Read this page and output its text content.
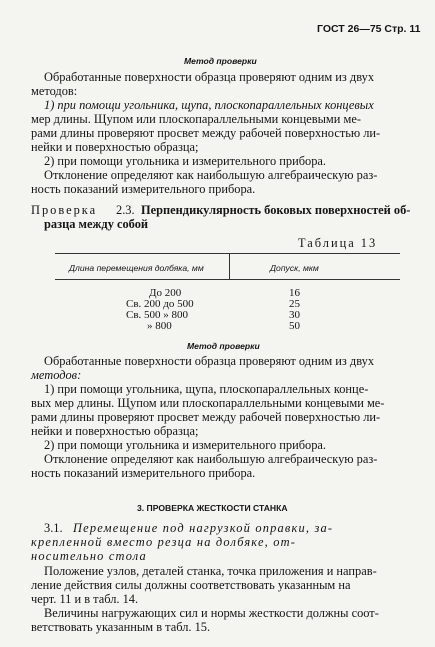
ГОСТ 26—75 Стр. 11
Метод проверки
Обработанные поверхности образца проверяют одним из двух
методов:
1) при помощи угольника, щупа, плоскопараллельных концевых
мер длины. Щупом или плоскопараллельными концевыми ме-
рами длины проверяют просвет между рабочей поверхностью ли-
нейки и поверхностью образца;
2) при помощи угольника и измерительного прибора.
Отклонение определяют как наибольшую алгебраическую раз-
ность показаний измерительного прибора.
Проверка 2.3. Перпендикулярность боковых поверхностей об-
разца между собой
Таблица 13
Длина перемещения долбяка, мм	Допуск, мкм
До 200	16
Св. 200 до 500	25
Св. 500 » 800	30
» 800	50
Метод проверки
Обработанные поверхности образца проверяют одним из двух
методов:
1) при помощи угольника, щупа, плоскопараллельных конце-
вых мер длины. Щупом или плоскопараллельными концевыми ме-
рами длины проверяют просвет между рабочей поверхностью ли-
нейки и поверхностью образца;
2) при помощи угольника и измерительного прибора.
Отклонение определяют как наибольшую алгебраическую раз-
ность показаний измерительного прибора.
3. ПРОВЕРКА ЖЕСТКОСТИ СТАНКА
3.1. Перемещение под нагрузкой оправки, за-
крепленной вместо резца на долбяке, от-
носительно стола
Положение узлов, деталей станка, точка приложения и направ-
ление действия силы должны соответствовать указанным на
черт. 11 и в табл. 14.
Величины нагружающих сил и нормы жесткости должны соот-
ветствовать указанным в табл. 15.
